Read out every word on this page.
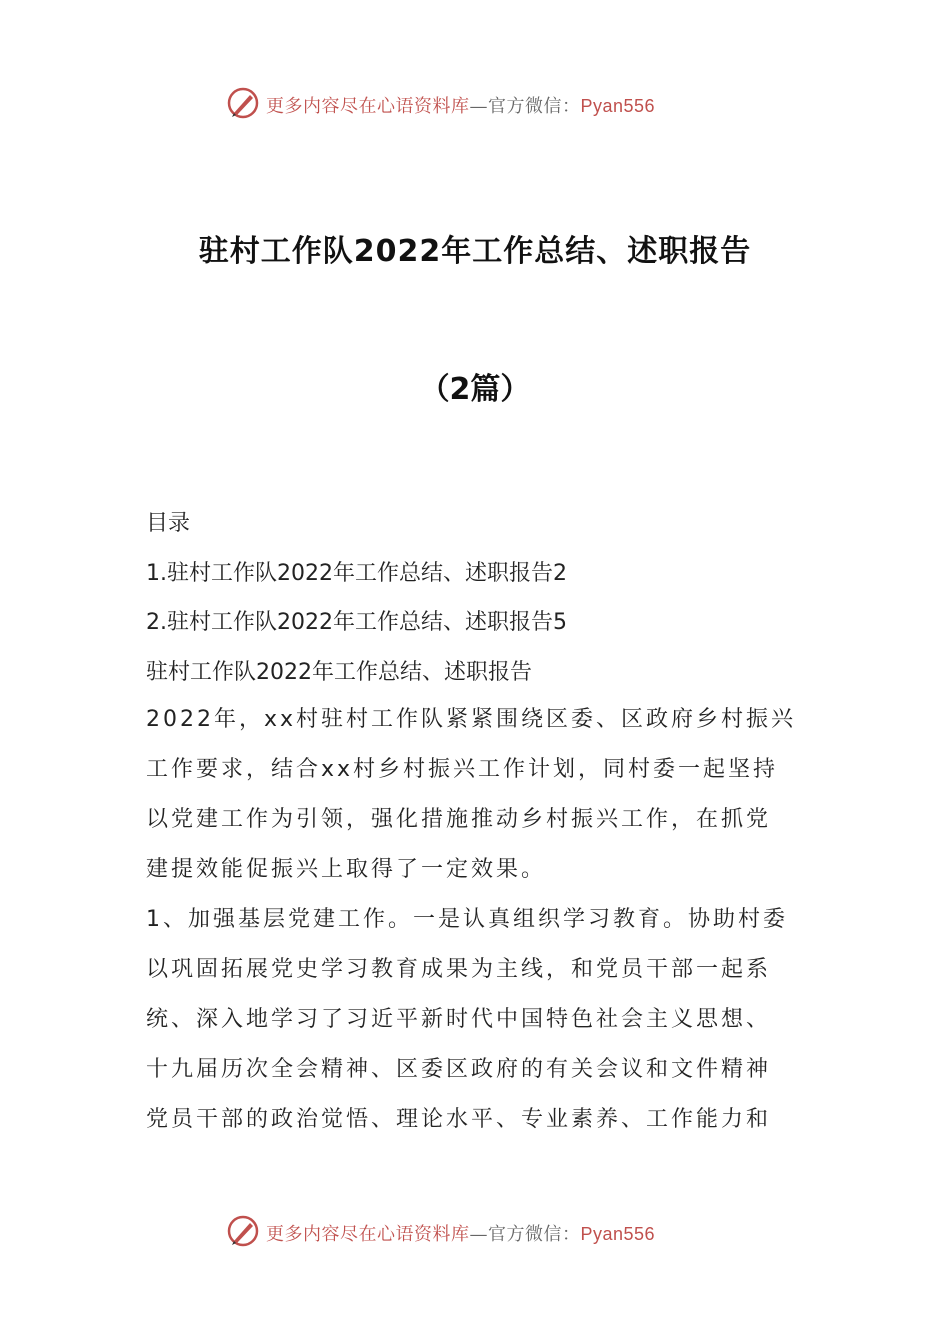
更多内容尽在心语资料库—官方微信：Pyan556
驻村工作队2022年工作总结、述职报告
（2篇）
目录
1.驻村工作队2022年工作总结、述职报告2
2.驻村工作队2022年工作总结、述职报告5
驻村工作队2022年工作总结、述职报告
2022年，xx村驻村工作队紧紧围绕区委、区政府乡村振兴
工作要求，结合xx村乡村振兴工作计划，同村委一起坚持
以党建工作为引领，强化措施推动乡村振兴工作，在抓党
建提效能促振兴上取得了一定效果。
1、加强基层党建工作。一是认真组织学习教育。协助村委
以巩固拓展党史学习教育成果为主线，和党员干部一起系
统、深入地学习了习近平新时代中国特色社会主义思想、
十九届历次全会精神、区委区政府的有关会议和文件精神
党员干部的政治觉悟、理论水平、专业素养、工作能力和
更多内容尽在心语资料库—官方微信：Pyan556
